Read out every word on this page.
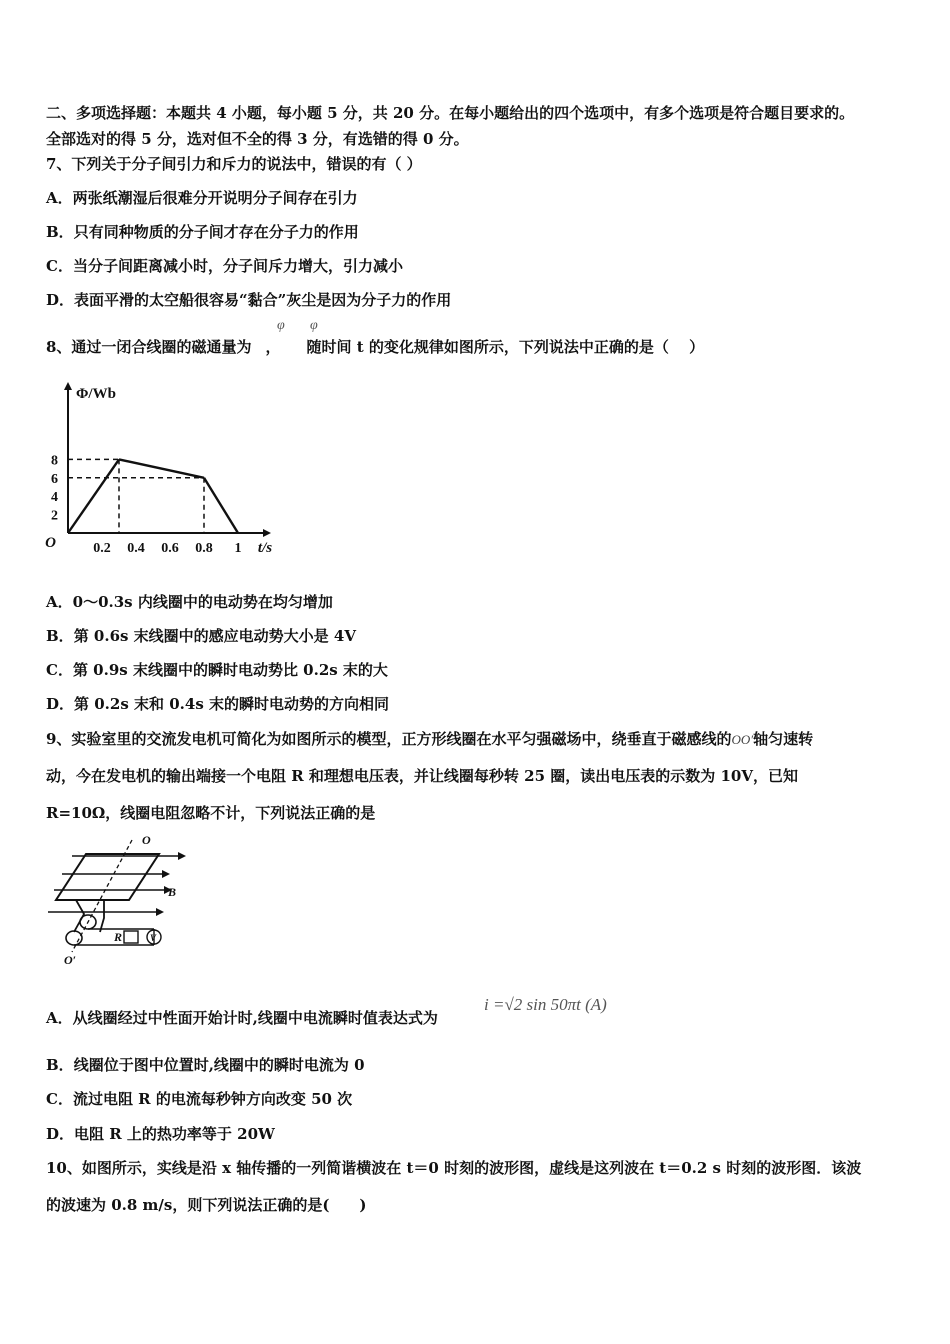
二、多项选择题：本题共 4 小题，每小题 5 分，共 20 分。在每小题给出的四个选项中，有多个选项是符合题目要求的。
全部选对的得 5 分，选对但不全的得 3 分，有选错的得 0 分。
7、下列关于分子间引力和斥力的说法中，错误的有（ ）
A．两张纸潮湿后很难分开说明分子间存在引力
B．只有同种物质的分子间才存在分子力的作用
C．当分子间距离减小时，分子间斥力增大，引力减小
D．表面平滑的太空船很容易“黏合”灰尘是因为分子力的作用
8、通过一闭合线圈的磁通量为 ， 随时间 t 的变化规律如图所示，下列说法中正确的是（　 ）
φ φ
0.2 0.4 0.6 0.8 1
2
4
6
8
O
Φ/Wb
t/s
A．0～0.3s 内线圈中的电动势在均匀增加
B．第 0.6s 末线圈中的感应电动势大小是 4V
C．第 0.9s 末线圈中的瞬时电动势比 0.2s 末的大
D．第 0.2s 末和 0.4s 末的瞬时电动势的方向相同
9、实验室里的交流发电机可简化为如图所示的模型，正方形线圈在水平匀强磁场中，绕垂直于磁感线的OO′轴匀速转
动，今在发电机的输出端接一个电阻 R 和理想电压表，并让线圈每秒转 25 圈，读出电压表的示数为 10V，已知
R=10Ω，线圈电阻忽略不计，下列说法正确的是
O
B
R	V
O′
A．从线圈经过中性面开始计时,线圈中电流瞬时值表达式为
i =√2 sin 50πt (A)
B．线圈位于图中位置时,线圈中的瞬时电流为 0
C．流过电阻 R 的电流每秒钟方向改变 50 次
D．电阻 R 上的热功率等于 20W
10、如图所示，实线是沿 x 轴传播的一列简谐横波在 t＝0 时刻的波形图，虚线是这列波在 t＝0.2 s 时刻的波形图．该波
的波速为 0.8 m/s，则下列说法正确的是(　　)
